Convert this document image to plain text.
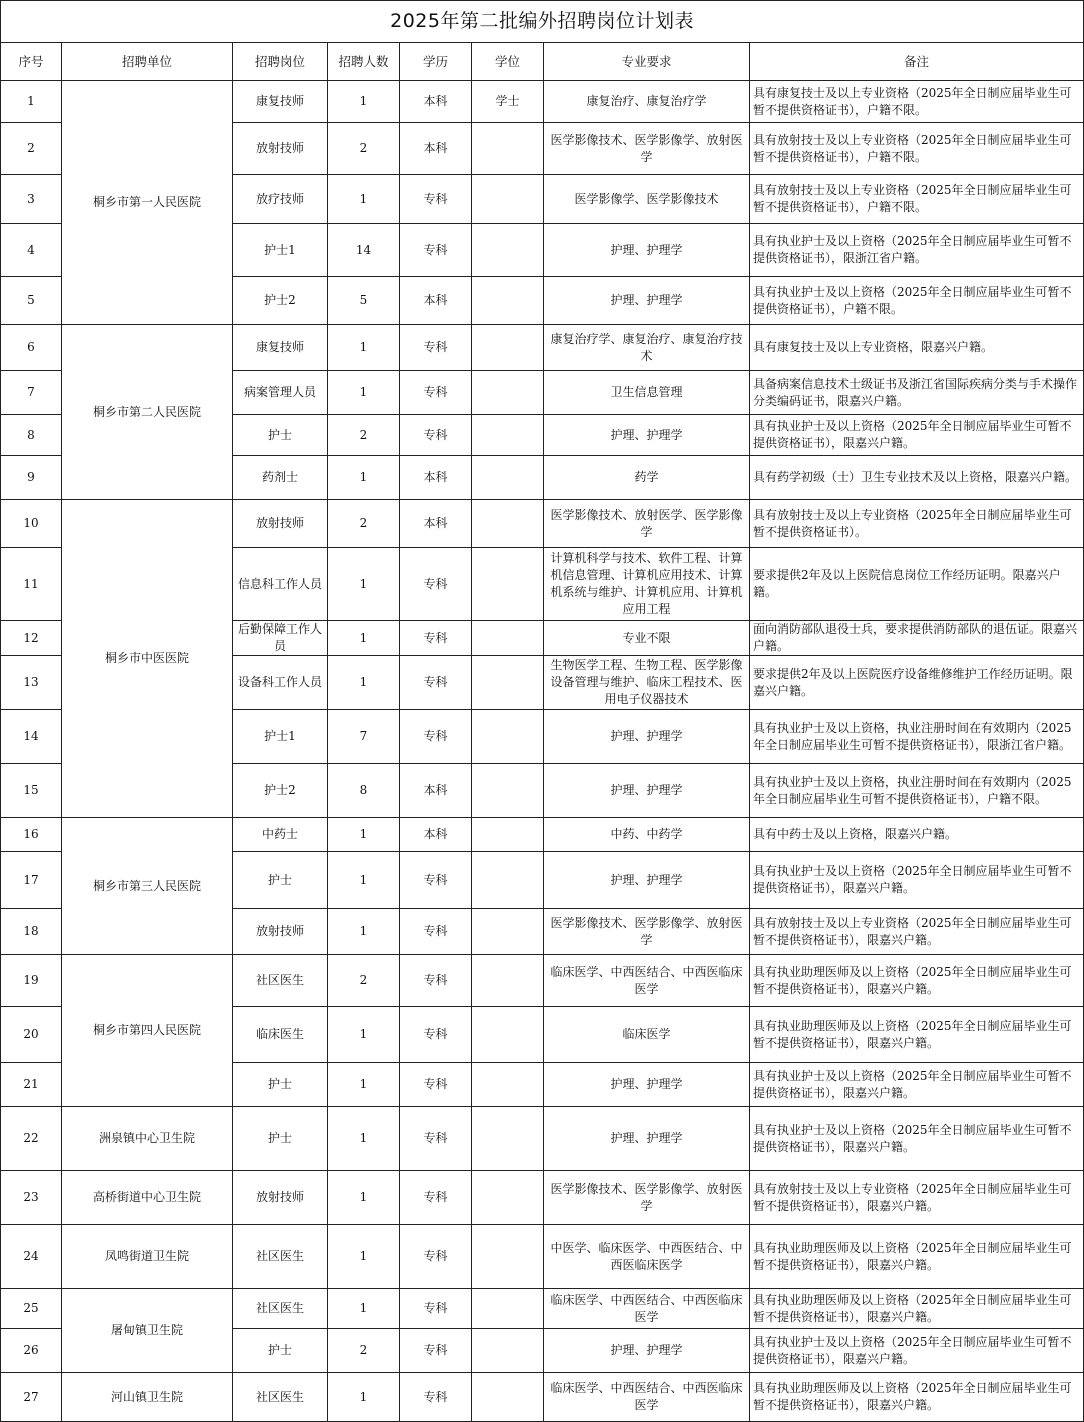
2025年第二批编外招聘岗位计划表							
序号	招聘单位	招聘岗位	招聘人数	学历	学位	专业要求	备注
1	桐乡市第一人民医院	康复技师	1	本科	学士	康复治疗、康复治疗学	具有康复技士及以上专业资格（2025年全日制应届毕业生可暂不提供资格证书），户籍不限。
2		放射技师	2	本科		医学影像技术、医学影像学、放射医学	具有放射技士及以上专业资格（2025年全日制应届毕业生可暂不提供资格证书），户籍不限。
3		放疗技师	1	专科		医学影像学、医学影像技术	具有放射技士及以上专业资格（2025年全日制应届毕业生可暂不提供资格证书），户籍不限。
4		护士1	14	专科		护理、护理学	具有执业护士及以上资格（2025年全日制应届毕业生可暂不提供资格证书），限浙江省户籍。
5		护士2	5	本科		护理、护理学	具有执业护士及以上资格（2025年全日制应届毕业生可暂不提供资格证书），户籍不限。
6	桐乡市第二人民医院	康复技师	1	专科		康复治疗学、康复治疗、康复治疗技术	具有康复技士及以上专业资格，限嘉兴户籍。
7		病案管理人员	1	专科		卫生信息管理	具备病案信息技术士级证书及浙江省国际疾病分类与手术操作分类编码证书，限嘉兴户籍。
8		护士	2	专科		护理、护理学	具有执业护士及以上资格（2025年全日制应届毕业生可暂不提供资格证书），限嘉兴户籍。
9		药剂士	1	本科		药学	具有药学初级（士）卫生专业技术及以上资格，限嘉兴户籍。
10	桐乡市中医医院	放射技师	2	本科		医学影像技术、放射医学、医学影像学	具有放射技士及以上专业资格（2025年全日制应届毕业生可暂不提供资格证书）。
11		信息科工作人员	1	专科		计算机科学与技术、软件工程、计算机信息管理、计算机应用技术、计算机系统与维护、计算机应用、计算机应用工程	要求提供2年及以上医院信息岗位工作经历证明。限嘉兴户籍。
12		后勤保障工作人员	1	专科		专业不限	面向消防部队退役士兵，要求提供消防部队的退伍证。限嘉兴户籍。
13		设备科工作人员	1	专科		生物医学工程、生物工程、医学影像设备管理与维护、临床工程技术、医用电子仪器技术	要求提供2年及以上医院医疗设备维修维护工作经历证明。限嘉兴户籍。
14		护士1	7	专科		护理、护理学	具有执业护士及以上资格，执业注册时间在有效期内（2025年全日制应届毕业生可暂不提供资格证书），限浙江省户籍。
15		护士2	8	本科		护理、护理学	具有执业护士及以上资格，执业注册时间在有效期内（2025年全日制应届毕业生可暂不提供资格证书），户籍不限。
16	桐乡市第三人民医院	中药士	1	本科		中药、中药学	具有中药士及以上资格，限嘉兴户籍。
17		护士	1	专科		护理、护理学	具有执业护士及以上资格（2025年全日制应届毕业生可暂不提供资格证书），限嘉兴户籍。
18		放射技师	1	专科		医学影像技术、医学影像学、放射医学	具有放射技士及以上专业资格（2025年全日制应届毕业生可暂不提供资格证书），限嘉兴户籍。
19	桐乡市第四人民医院	社区医生	2	专科		临床医学、中西医结合、中西医临床医学	具有执业助理医师及以上资格（2025年全日制应届毕业生可暂不提供资格证书），限嘉兴户籍。
20		临床医生	1	专科		临床医学	具有执业助理医师及以上资格（2025年全日制应届毕业生可暂不提供资格证书），限嘉兴户籍。
21		护士	1	专科		护理、护理学	具有执业护士及以上资格（2025年全日制应届毕业生可暂不提供资格证书），限嘉兴户籍。
22	洲泉镇中心卫生院	护士	1	专科		护理、护理学	具有执业护士及以上资格（2025年全日制应届毕业生可暂不提供资格证书），限嘉兴户籍。
23	高桥街道中心卫生院	放射技师	1	专科		医学影像技术、医学影像学、放射医学	具有放射技士及以上专业资格（2025年全日制应届毕业生可暂不提供资格证书），限嘉兴户籍。
24	凤鸣街道卫生院	社区医生	1	专科		中医学、临床医学、中西医结合、中西医临床医学	具有执业助理医师及以上资格（2025年全日制应届毕业生可暂不提供资格证书），限嘉兴户籍。
25	屠甸镇卫生院	社区医生	1	专科		临床医学、中西医结合、中西医临床医学	具有执业助理医师及以上资格（2025年全日制应届毕业生可暂不提供资格证书），限嘉兴户籍。
26		护士	2	专科		护理、护理学	具有执业护士及以上资格（2025年全日制应届毕业生可暂不提供资格证书），限嘉兴户籍。
27	河山镇卫生院	社区医生	1	专科		临床医学、中西医结合、中西医临床医学	具有执业助理医师及以上资格（2025年全日制应届毕业生可暂不提供资格证书），限嘉兴户籍。
